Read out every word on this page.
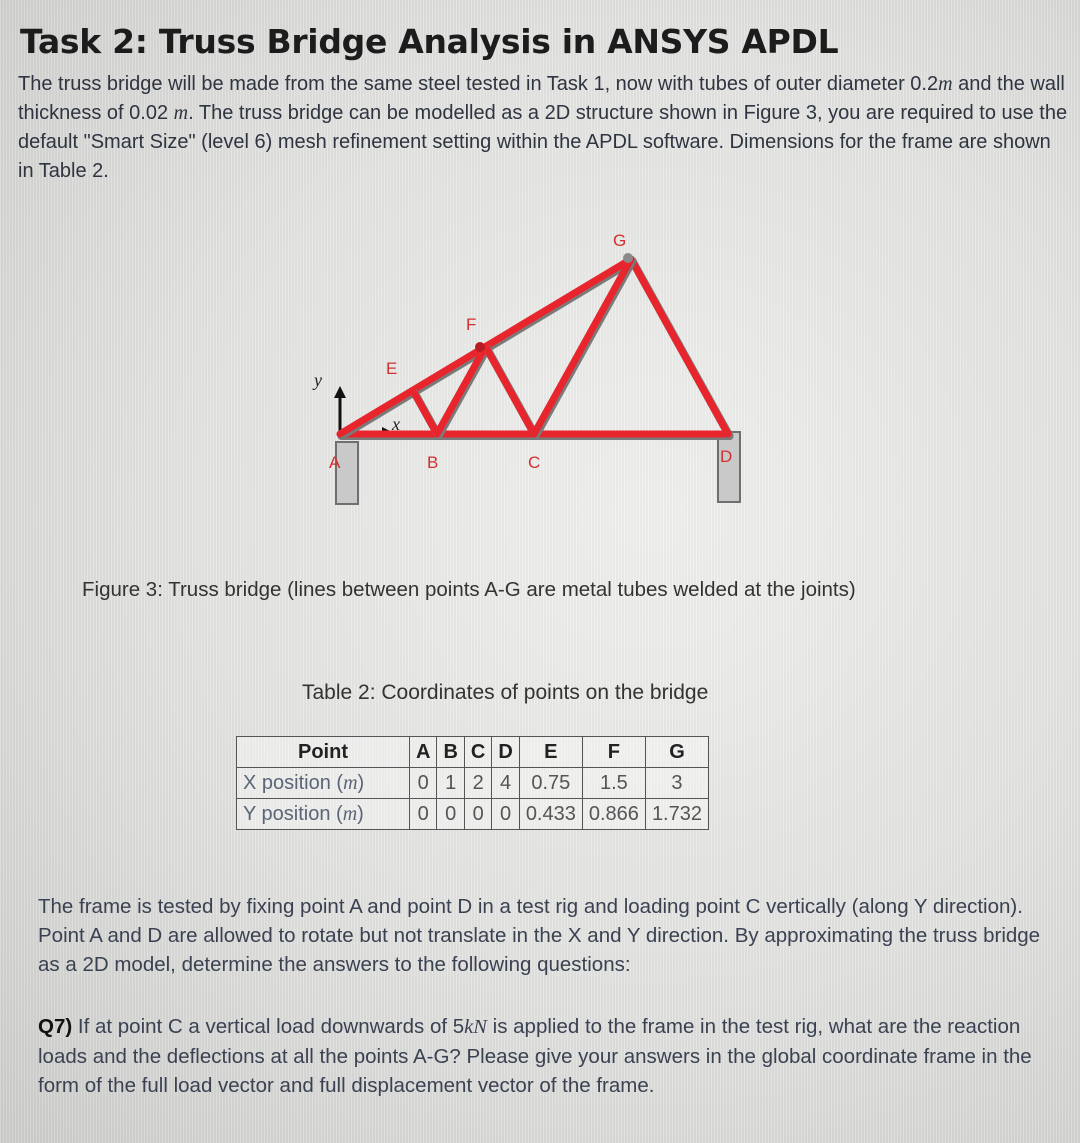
Task 2: Truss Bridge Analysis in ANSYS APDL

The truss bridge will be made from the same steel tested in Task 1, now with tubes of outer diameter 0.2m and the wall thickness of 0.02 m. The truss bridge can be modelled as a 2D structure shown in Figure 3, you are required to use the default "Smart Size" (level 6) mesh refinement setting within the APDL software. Dimensions for the frame are shown in Table 2.

A	B	C	D
E
F
G
y
x

Figure 3: Truss bridge (lines between points A-G are metal tubes welded at the joints)

Table 2: Coordinates of points on the bridge

Point	A	B	C	D	E	F	G
X position (m)	0	1	2	4	0.75	1.5	3
Y position (m)	0	0	0	0	0.433	0.866	1.732

The frame is tested by fixing point A and point D in a test rig and loading point C vertically (along Y direction). Point A and D are allowed to rotate but not translate in the X and Y direction. By approximating the truss bridge as a 2D model, determine the answers to the following questions:

Q7) If at point C a vertical load downwards of 5kN is applied to the frame in the test rig, what are the reaction loads and the deflections at all the points A-G? Please give your answers in the global coordinate frame in the form of the full load vector and full displacement vector of the frame.
